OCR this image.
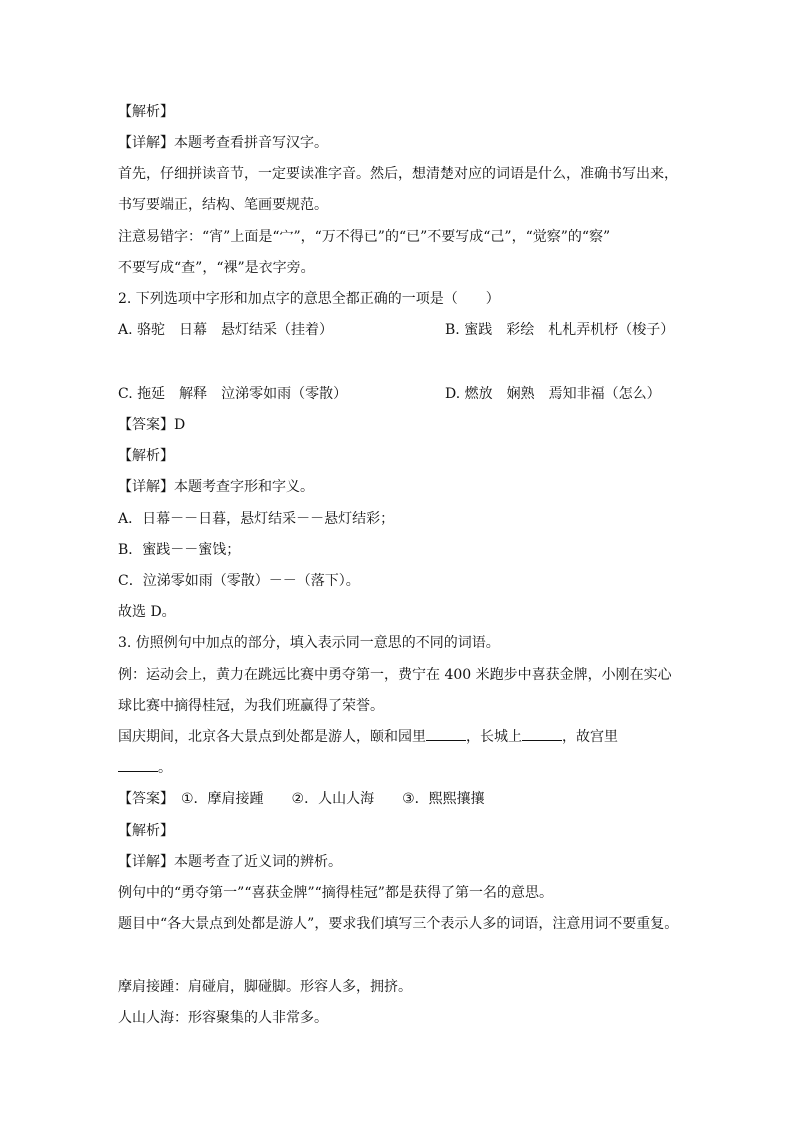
【解析】
【详解】本题考查看拼音写汉字。
首先，仔细拼读音节，一定要读准字音。然后，想清楚对应的词语是什么，准确书写出来，
书写要端正，结构、笔画要规范。
注意易错字：“宵”上面是“宀”，“万不得已”的“已”不要写成“己”，“觉察”的“察”
不要写成“查”，“裸”是衣字旁。
2. 下列选项中字形和加点字的意思全都正确的一项是（　　）
A. 骆驼　日幕　悬灯结采（挂着）	B. 蜜践　彩绘　札札弄机杼（梭子）
C. 拖延　解释　泣涕零如雨（零散）	D. 燃放　娴熟　焉知非福（怎么）
【答案】D
【解析】
【详解】本题考查字形和字义。
A．日幕－－日暮，悬灯结采－－悬灯结彩；
B．蜜践－－蜜饯；
C．泣涕零如雨（零散）－－（落下）。
故选 D。
3. 仿照例句中加点的部分，填入表示同一意思的不同的词语。
例：运动会上，黄力在跳远比赛中勇夺第一，费宁在 400 米跑步中喜获金牌，小刚在实心
球比赛中摘得桂冠，为我们班赢得了荣誉。
国庆期间，北京各大景点到处都是游人，颐和园里	，长城上	，故宫里
。
【答案】　①．摩肩接踵　　②．人山人海　　③．熙熙攘攘
【解析】
【详解】本题考查了近义词的辨析。
例句中的“勇夺第一”“喜获金牌”“摘得桂冠”都是获得了第一名的意思。
题目中“各大景点到处都是游人”，要求我们填写三个表示人多的词语，注意用词不要重复。
摩肩接踵：肩碰肩，脚碰脚。形容人多，拥挤。
人山人海：形容聚集的人非常多。
